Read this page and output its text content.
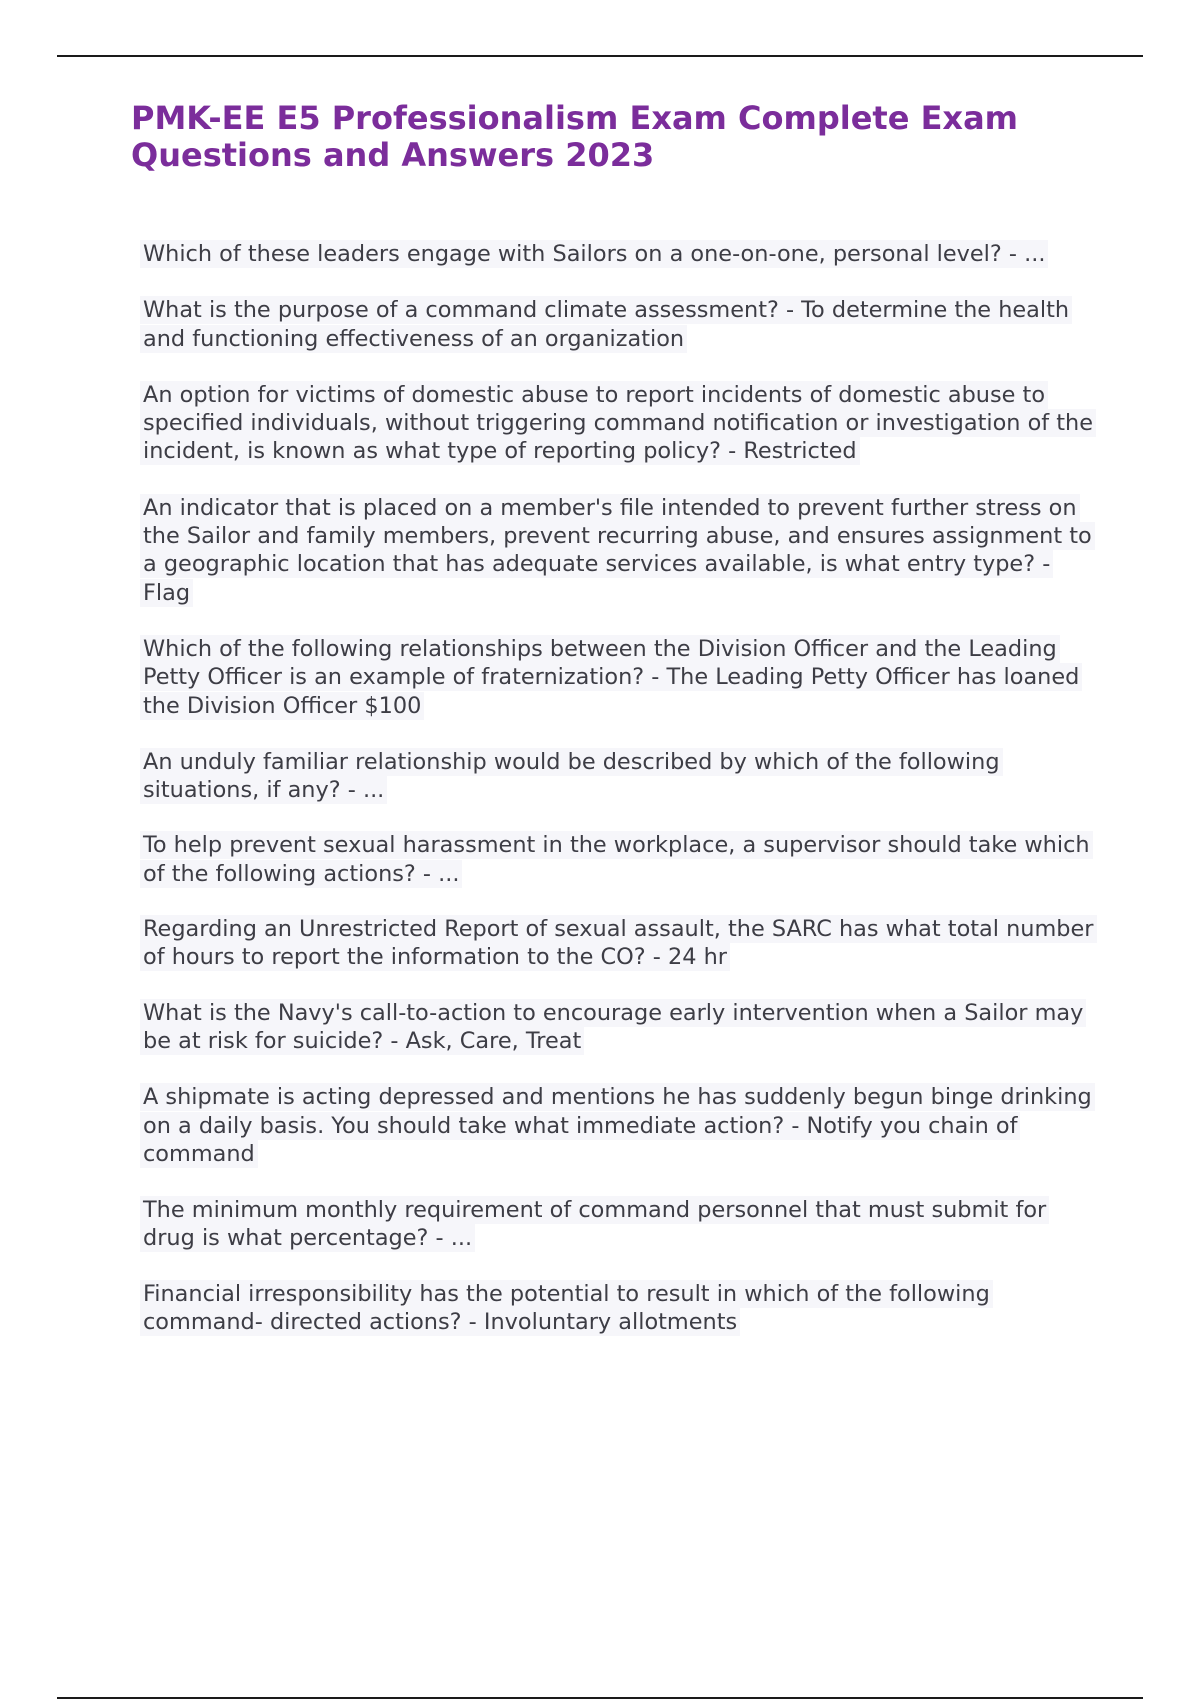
PMK-EE E5 Professionalism Exam Complete Exam Questions and Answers 2023
Which of these leaders engage with Sailors on a one-on-one, personal level? - ...
What is the purpose of a command climate assessment? - To determine the health and functioning effectiveness of an organization
An option for victims of domestic abuse to report incidents of domestic abuse to specified individuals, without triggering command notification or investigation of the incident, is known as what type of reporting policy? - Restricted
An indicator that is placed on a member's file intended to prevent further stress on the Sailor and family members, prevent recurring abuse, and ensures assignment to a geographic location that has adequate services available, is what entry type? - Flag
Which of the following relationships between the Division Officer and the Leading Petty Officer is an example of fraternization? - The Leading Petty Officer has loaned the Division Officer $100
An unduly familiar relationship would be described by which of the following situations, if any? - ...
To help prevent sexual harassment in the workplace, a supervisor should take which of the following actions? - ...
Regarding an Unrestricted Report of sexual assault, the SARC has what total number of hours to report the information to the CO? - 24 hr
What is the Navy's call-to-action to encourage early intervention when a Sailor may be at risk for suicide? - Ask, Care, Treat
A shipmate is acting depressed and mentions he has suddenly begun binge drinking on a daily basis. You should take what immediate action? - Notify you chain of command
The minimum monthly requirement of command personnel that must submit for drug is what percentage? - ...
Financial irresponsibility has the potential to result in which of the following command- directed actions? - Involuntary allotments
